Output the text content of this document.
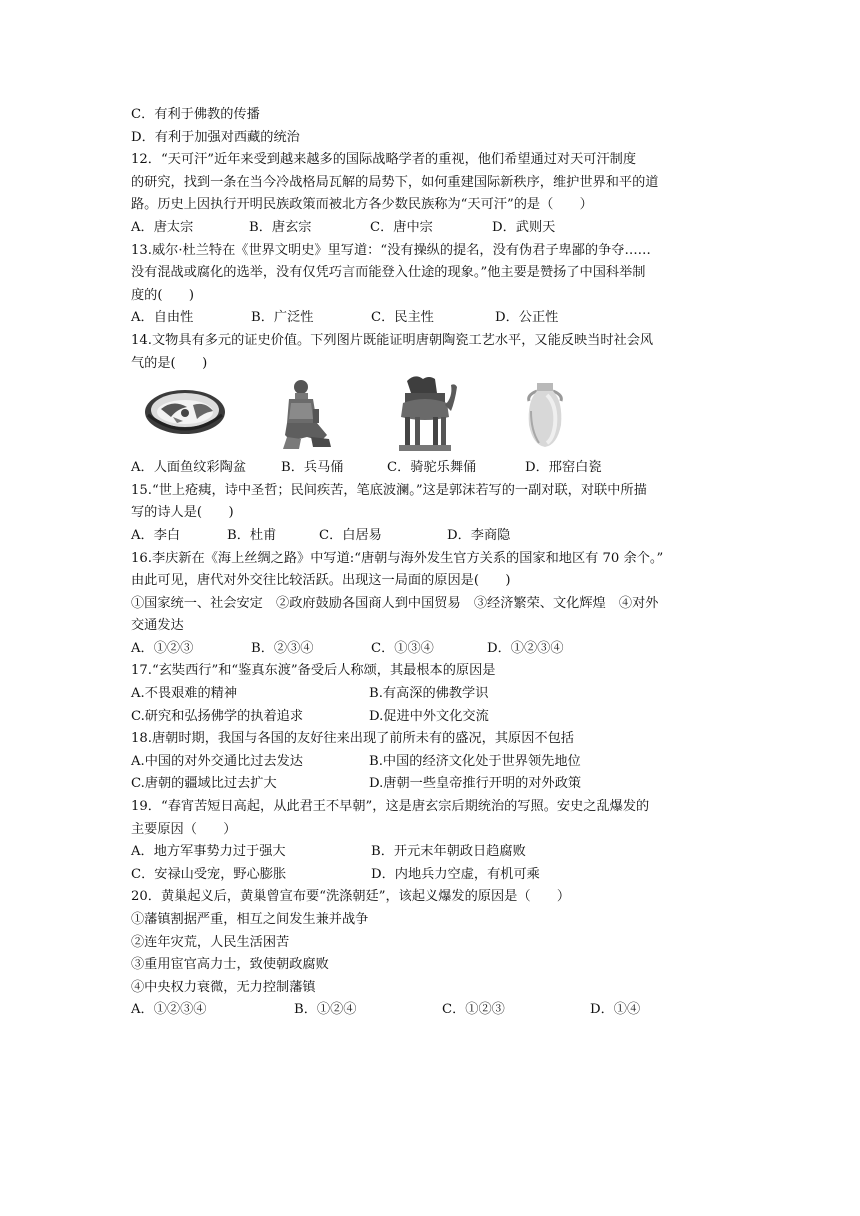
C．有利于佛教的传播
D．有利于加强对西藏的统治
12．“天可汗”近年来受到越来越多的国际战略学者的重视，他们希望通过对天可汗制度
的研究，找到一条在当今冷战格局瓦解的局势下，如何重建国际新秩序，维护世界和平的道
路。历史上因执行开明民族政策而被北方各少数民族称为“天可汗”的是（　　）
A．唐太宗	B．唐玄宗	C．唐中宗	D．武则天
13.威尔·杜兰特在《世界文明史》里写道：“没有操纵的提名，没有伪君子卑鄙的争夺……
没有混战或腐化的选举，没有仅凭巧言而能登入仕途的现象。”他主要是赞扬了中国科举制
度的(　　)
A．自由性	B．广泛性	C．民主性	D．公正性
14.文物具有多元的证史价值。下列图片既能证明唐朝陶瓷工艺水平，又能反映当时社会风
气的是(　　)
A．人面鱼纹彩陶盆	B．兵马俑	C．骑驼乐舞俑	D．邢窑白瓷
15.“世上疮痍，诗中圣哲；民间疾苦，笔底波澜。”这是郭沫若写的一副对联，对联中所描
写的诗人是(　　)
A．李白	B．杜甫	C．白居易	D．李商隐
16.李庆新在《海上丝绸之路》中写道:“唐朝与海外发生官方关系的国家和地区有 70 余个。”
由此可见，唐代对外交往比较活跃。出现这一局面的原因是(　　)
①国家统一、社会安定　②政府鼓励各国商人到中国贸易　③经济繁荣、文化辉煌　④对外
交通发达
A．①②③	B．②③④	C．①③④	D．①②③④
17.“玄奘西行”和“鉴真东渡”备受后人称颂，其最根本的原因是
A.不畏艰难的精神	B.有高深的佛教学识
C.研究和弘扬佛学的执着追求	D.促进中外文化交流
18.唐朝时期，我国与各国的友好往来出现了前所未有的盛况，其原因不包括
A.中国的对外交通比过去发达	B.中国的经济文化处于世界领先地位
C.唐朝的疆域比过去扩大	D.唐朝一些皇帝推行开明的对外政策
19．“春宵苦短日高起，从此君王不早朝”，这是唐玄宗后期统治的写照。安史之乱爆发的
主要原因（　　）
A．地方军事势力过于强大	B．开元末年朝政日趋腐败
C．安禄山受宠，野心膨胀	D．内地兵力空虚，有机可乘
20．黄巢起义后，黄巢曾宣布要“洗涤朝廷”，该起义爆发的原因是（　　）
①藩镇割据严重，相互之间发生兼并战争
②连年灾荒，人民生活困苦
③重用宦官高力士，致使朝政腐败
④中央权力衰微，无力控制藩镇
A．①②③④	B．①②④	C．①②③	D．①④
